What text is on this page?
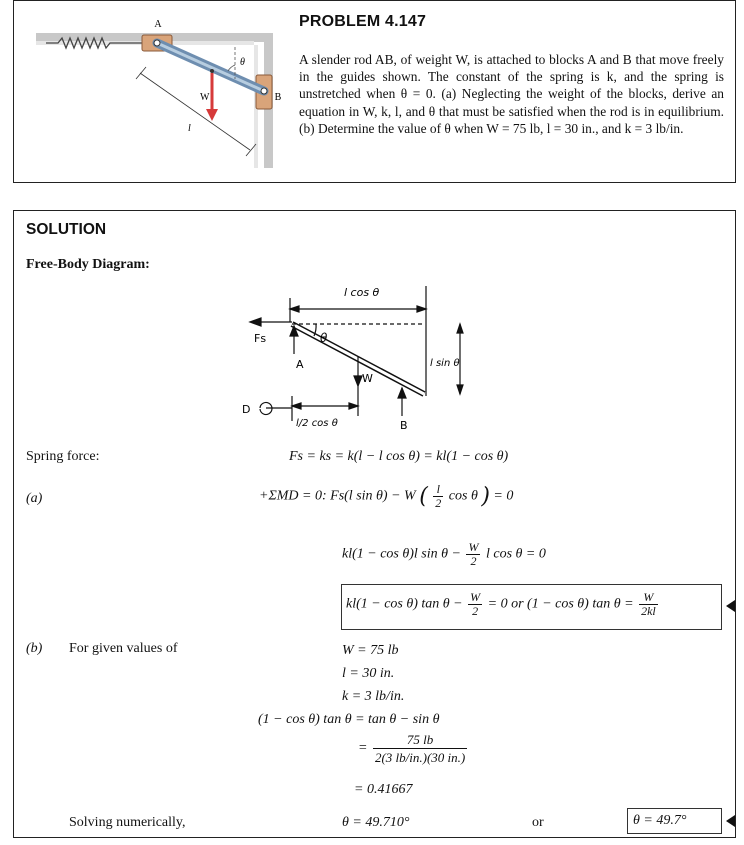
A
B
θ
W
l
PROBLEM 4.147
A slender rod AB, of weight W, is attached to blocks A and B that move freely in the guides shown. The constant of the spring is k, and the spring is unstretched when θ = 0. (a) Neglecting the weight of the blocks, derive an equation in W, k, l, and θ that must be satisfied when the rod is in equilibrium. (b) Determine the value of θ when W = 75 lb, l = 30 in., and k = 3 lb/in.
SOLUTION
Free-Body Diagram:
l cos θ
Fs	θ
l sin θ
A
W
D
l/2 cos θ	B
Spring force:	Fs = ks = k(l − l cos θ) = kl(1 − cos θ)
(a)	+ΣMD = 0: Fs(l sin θ) − W ( $\frac{l}{2}$ cos θ ) = 0
kl(1 − cos θ)l $\sin \theta - \frac{W}{2}$ l cos θ = 0
kl(1 − cos θ) $\tan \theta - \frac{W}{2} = 0$ or (1 − cos θ) $\tan \theta = \frac{W}{2kl}$
(b) For given values of	W = 75 lb
l = 30 in.
k = 3 lb/in.
(1 − cos θ) tan θ = tan θ − sin θ
= $\frac{75 lb}{2(3 lb/in.)(30 in.)}$
= 0.41667
Solving numerically,	θ = 49.710°	or	θ = 49.7°
